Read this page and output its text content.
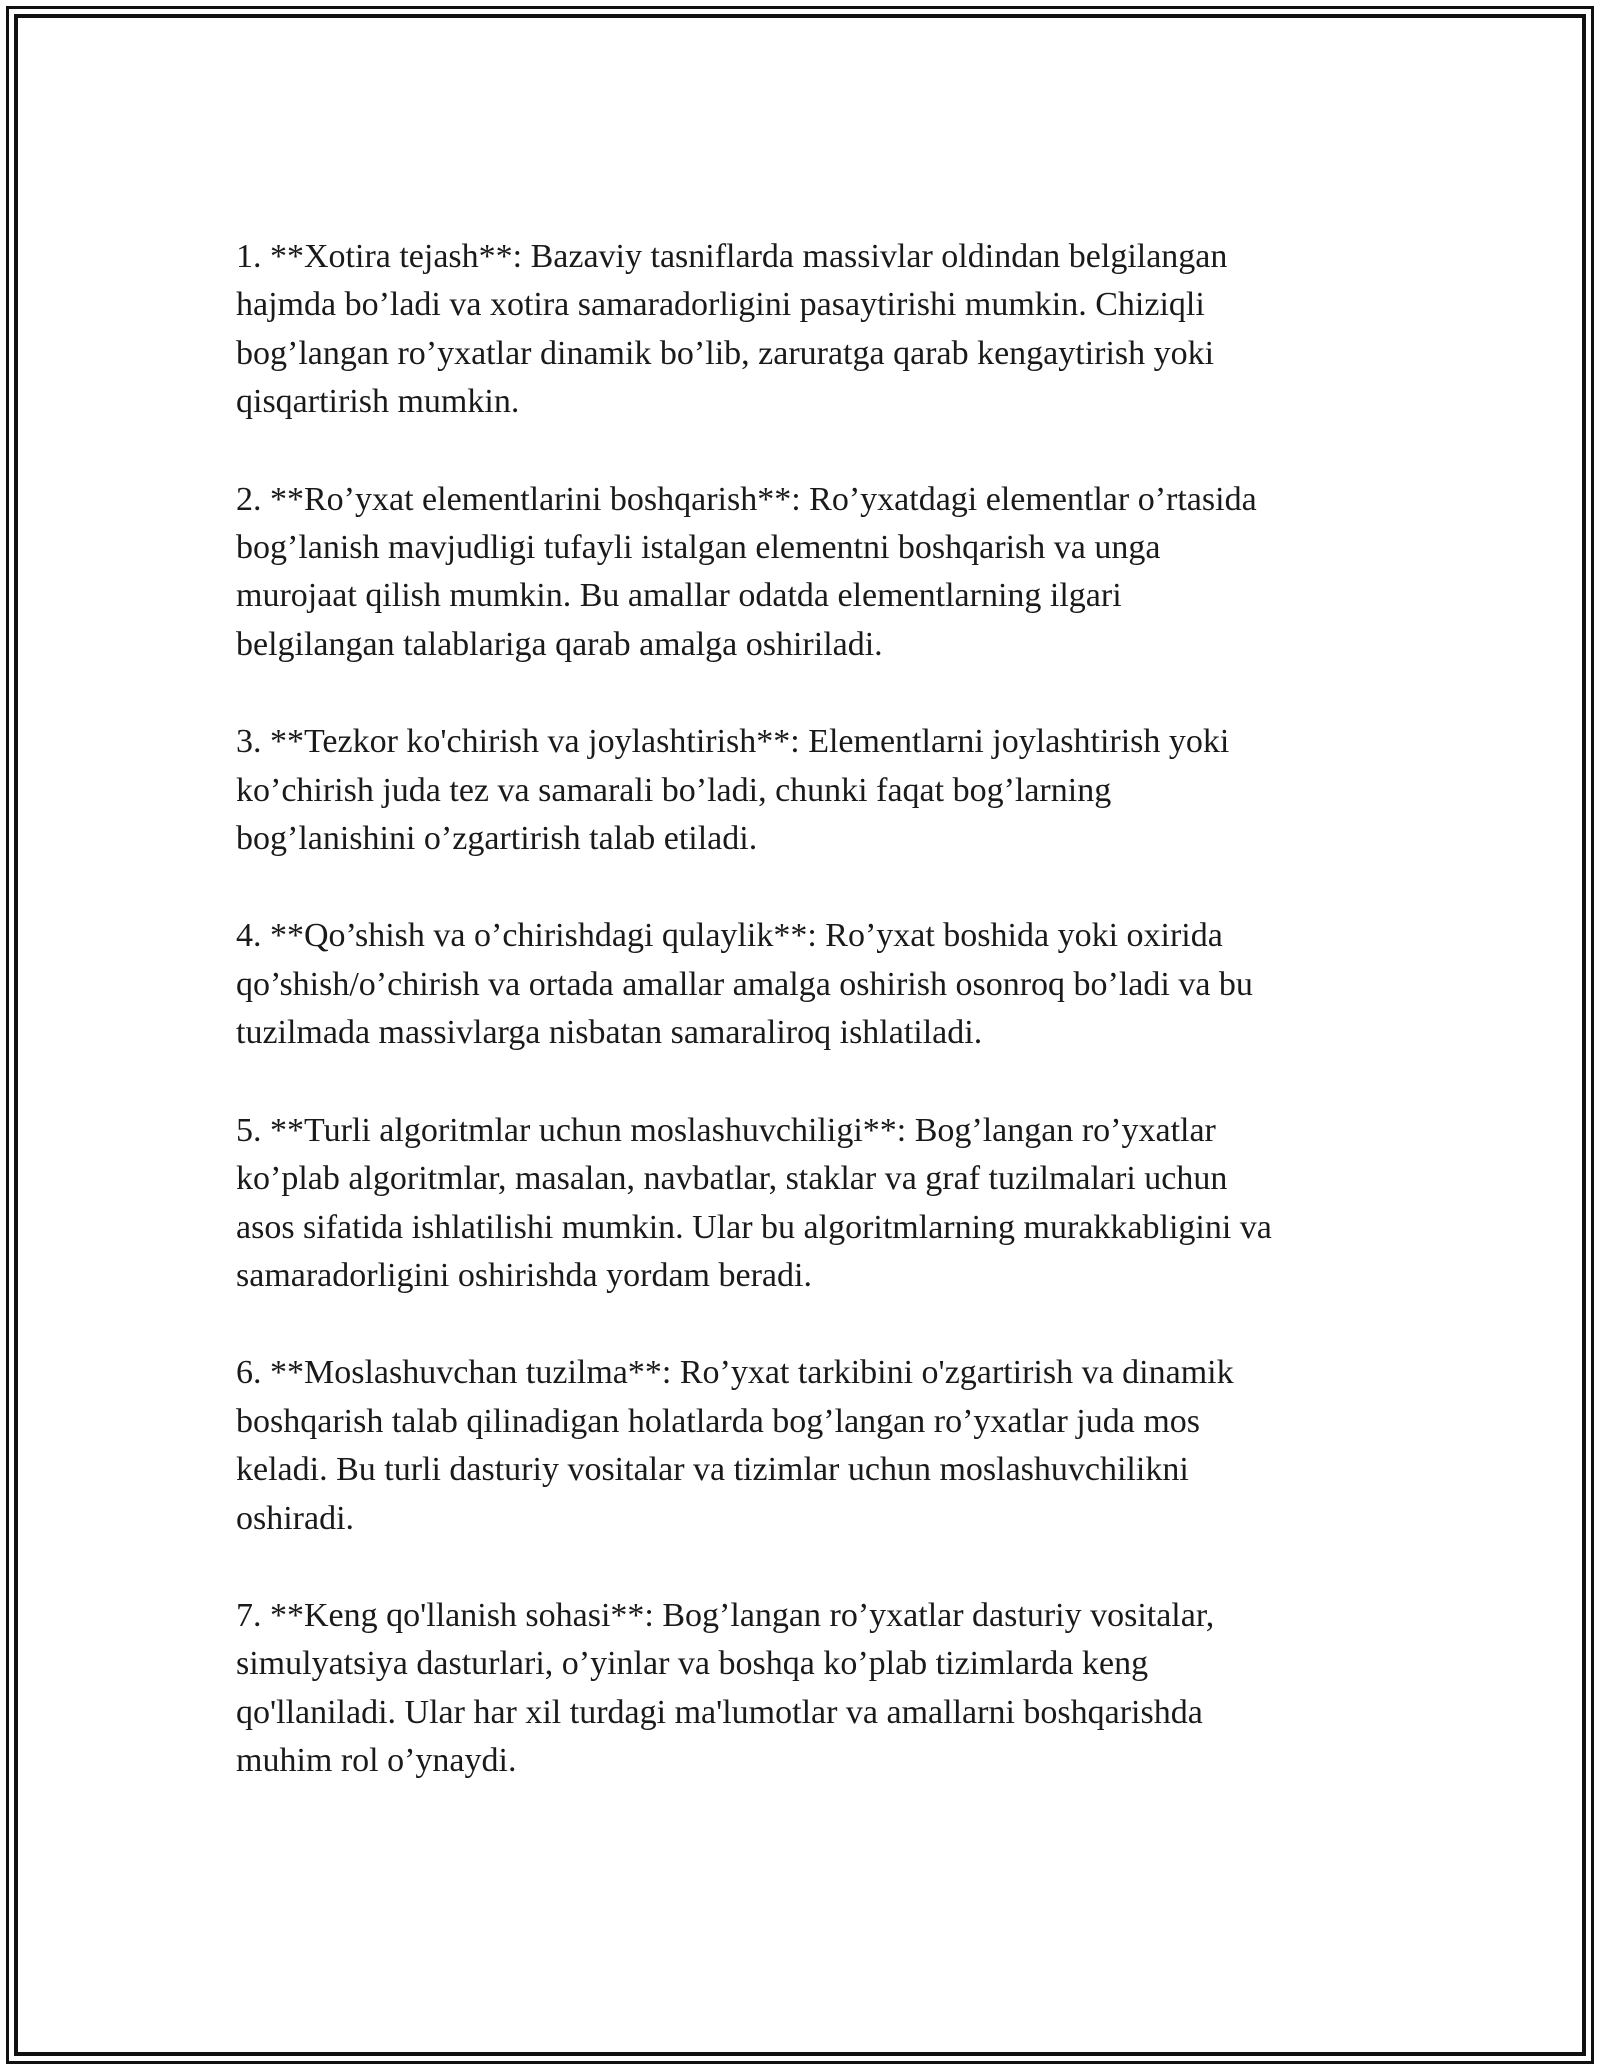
1. **Xotira tejash**: Bazaviy tasniflarda massivlar oldindan belgilangan
hajmda bo’ladi va xotira samaradorligini pasaytirishi mumkin. Chiziqli
bog’langan ro’yxatlar dinamik bo’lib, zaruratga qarab kengaytirish yoki
qisqartirish mumkin.

2. **Ro’yxat elementlarini boshqarish**: Ro’yxatdagi elementlar o’rtasida
bog’lanish mavjudligi tufayli istalgan elementni boshqarish va unga
murojaat qilish mumkin. Bu amallar odatda elementlarning ilgari
belgilangan talablariga qarab amalga oshiriladi.

3. **Tezkor ko'chirish va joylashtirish**: Elementlarni joylashtirish yoki
ko’chirish juda tez va samarali bo’ladi, chunki faqat bog’larning
bog’lanishini o’zgartirish talab etiladi.

4. **Qo’shish va o’chirishdagi qulaylik**: Ro’yxat boshida yoki oxirida
qo’shish/o’chirish va ortada amallar amalga oshirish osonroq bo’ladi va bu
tuzilmada massivlarga nisbatan samaraliroq ishlatiladi.

5. **Turli algoritmlar uchun moslashuvchiligi**: Bog’langan ro’yxatlar
ko’plab algoritmlar, masalan, navbatlar, staklar va graf tuzilmalari uchun
asos sifatida ishlatilishi mumkin. Ular bu algoritmlarning murakkabligini va
samaradorligini oshirishda yordam beradi.

6. **Moslashuvchan tuzilma**: Ro’yxat tarkibini o'zgartirish va dinamik
boshqarish talab qilinadigan holatlarda bog’langan ro’yxatlar juda mos
keladi. Bu turli dasturiy vositalar va tizimlar uchun moslashuvchilikni
oshiradi.

7. **Keng qo'llanish sohasi**: Bog’langan ro’yxatlar dasturiy vositalar,
simulyatsiya dasturlari, o’yinlar va boshqa ko’plab tizimlarda keng
qo'llaniladi. Ular har xil turdagi ma'lumotlar va amallarni boshqarishda
muhim rol o’ynaydi.
